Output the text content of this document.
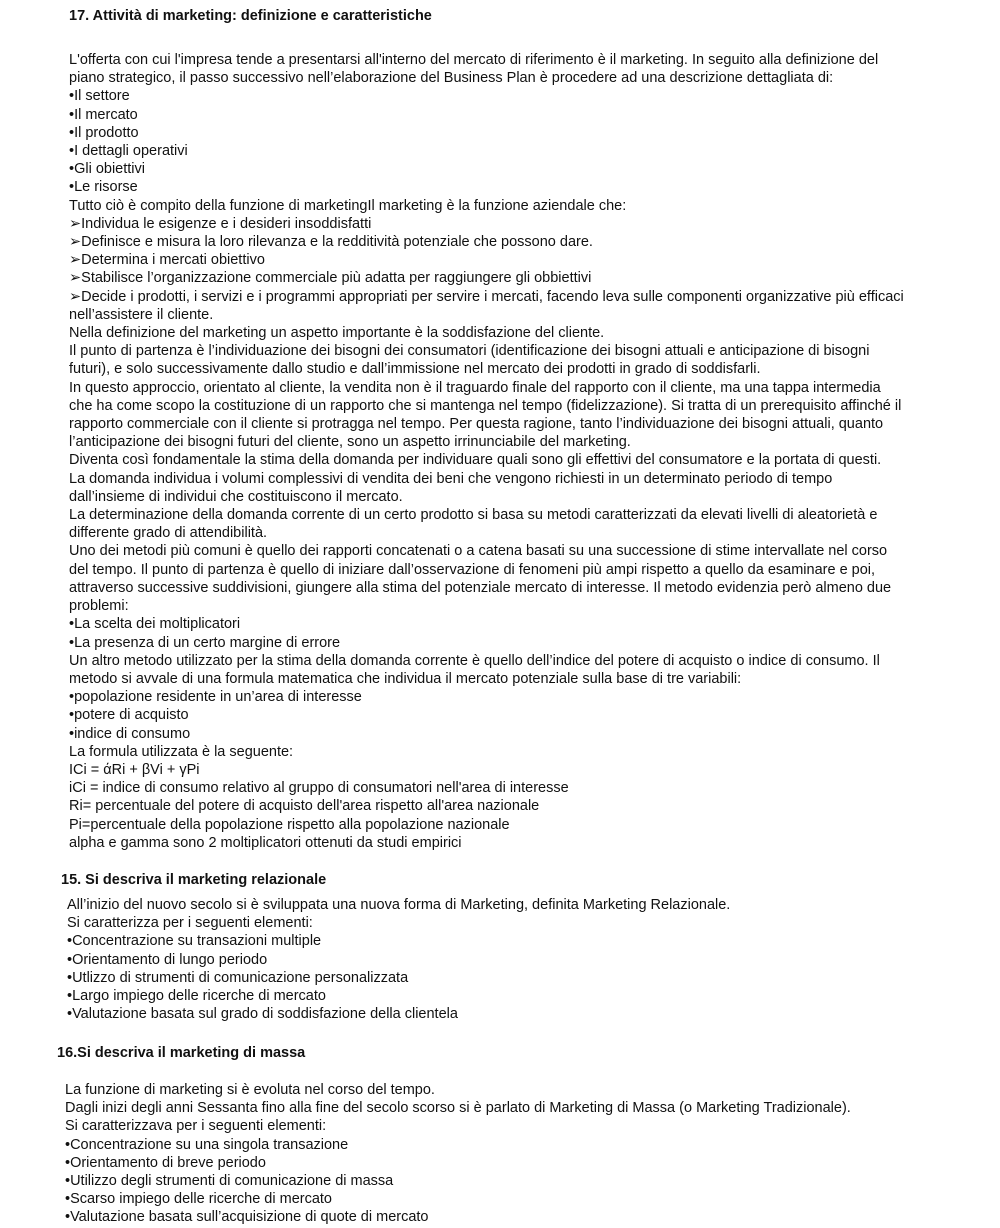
17. Attività di marketing: definizione e caratteristiche
L'offerta con cui l'impresa tende a presentarsi all'interno del mercato di riferimento è il marketing. In seguito alla definizione del
piano strategico, il passo successivo nell’elaborazione del Business Plan è procedere ad una descrizione dettagliata di:
•Il settore
•Il mercato
•Il prodotto
•I dettagli operativi
•Gli obiettivi
•Le risorse
Tutto ciò è compito della funzione di marketingIl marketing è la funzione aziendale che:
➢Individua le esigenze e i desideri insoddisfatti
➢Definisce e misura la loro rilevanza e la redditività potenziale che possono dare.
➢Determina i mercati obiettivo
➢Stabilisce l’organizzazione commerciale più adatta per raggiungere gli obbiettivi
➢Decide i prodotti, i servizi e i programmi appropriati per servire i mercati, facendo leva sulle componenti organizzative più efficaci
nell’assistere il cliente.
Nella definizione del marketing un aspetto importante è la soddisfazione del cliente.
Il punto di partenza è l’individuazione dei bisogni dei consumatori (identificazione dei bisogni attuali e anticipazione di bisogni
futuri), e solo successivamente dallo studio e dall’immissione nel mercato dei prodotti in grado di soddisfarli.
In questo approccio, orientato al cliente, la vendita non è il traguardo finale del rapporto con il cliente, ma una tappa intermedia
che ha come scopo la costituzione di un rapporto che si mantenga nel tempo (fidelizzazione). Si tratta di un prerequisito affinché il
rapporto commerciale con il cliente si protragga nel tempo. Per questa ragione, tanto l’individuazione dei bisogni attuali, quanto
l’anticipazione dei bisogni futuri del cliente, sono un aspetto irrinunciabile del marketing.
Diventa così fondamentale la stima della domanda per individuare quali sono gli effettivi del consumatore e la portata di questi.
La domanda individua i volumi complessivi di vendita dei beni che vengono richiesti in un determinato periodo di tempo
dall’insieme di individui che costituiscono il mercato.
La determinazione della domanda corrente di un certo prodotto si basa su metodi caratterizzati da elevati livelli di aleatorietà e
differente grado di attendibilità.
Uno dei metodi più comuni è quello dei rapporti concatenati o a catena basati su una successione di stime intervallate nel corso
del tempo. Il punto di partenza è quello di iniziare dall’osservazione di fenomeni più ampi rispetto a quello da esaminare e poi,
attraverso successive suddivisioni, giungere alla stima del potenziale mercato di interesse. Il metodo evidenzia però almeno due
problemi:
•La scelta dei moltiplicatori
•La presenza di un certo margine di errore
Un altro metodo utilizzato per la stima della domanda corrente è quello dell’indice del potere di acquisto o indice di consumo. Il
metodo si avvale di una formula matematica che individua il mercato potenziale sulla base di tre variabili:
•popolazione residente in un’area di interesse
•potere di acquisto
•indice di consumo
La formula utilizzata è la seguente:
ICi = άRi + βVi + γPi
iCi = indice di consumo relativo al gruppo di consumatori nell'area di interesse
Ri= percentuale del potere di acquisto dell'area rispetto all'area nazionale
Pi=percentuale della popolazione rispetto alla popolazione nazionale
alpha e gamma sono 2 moltiplicatori ottenuti da studi empirici
15. Si descriva il marketing relazionale
All’inizio del nuovo secolo si è sviluppata una nuova forma di Marketing, definita Marketing Relazionale.
Si caratterizza per i seguenti elementi:
•Concentrazione su transazioni multiple
•Orientamento di lungo periodo
•Utlizzo di strumenti di comunicazione personalizzata
•Largo impiego delle ricerche di mercato
•Valutazione basata sul grado di soddisfazione della clientela
16.Si descriva il marketing di massa
La funzione di marketing si è evoluta nel corso del tempo.
Dagli inizi degli anni Sessanta fino alla fine del secolo scorso si è parlato di Marketing di Massa (o Marketing Tradizionale).
Si caratterizzava per i seguenti elementi:
•Concentrazione su una singola transazione
•Orientamento di breve periodo
•Utilizzo degli strumenti di comunicazione di massa
•Scarso impiego delle ricerche di mercato
•Valutazione basata sull’acquisizione di quote di mercato
